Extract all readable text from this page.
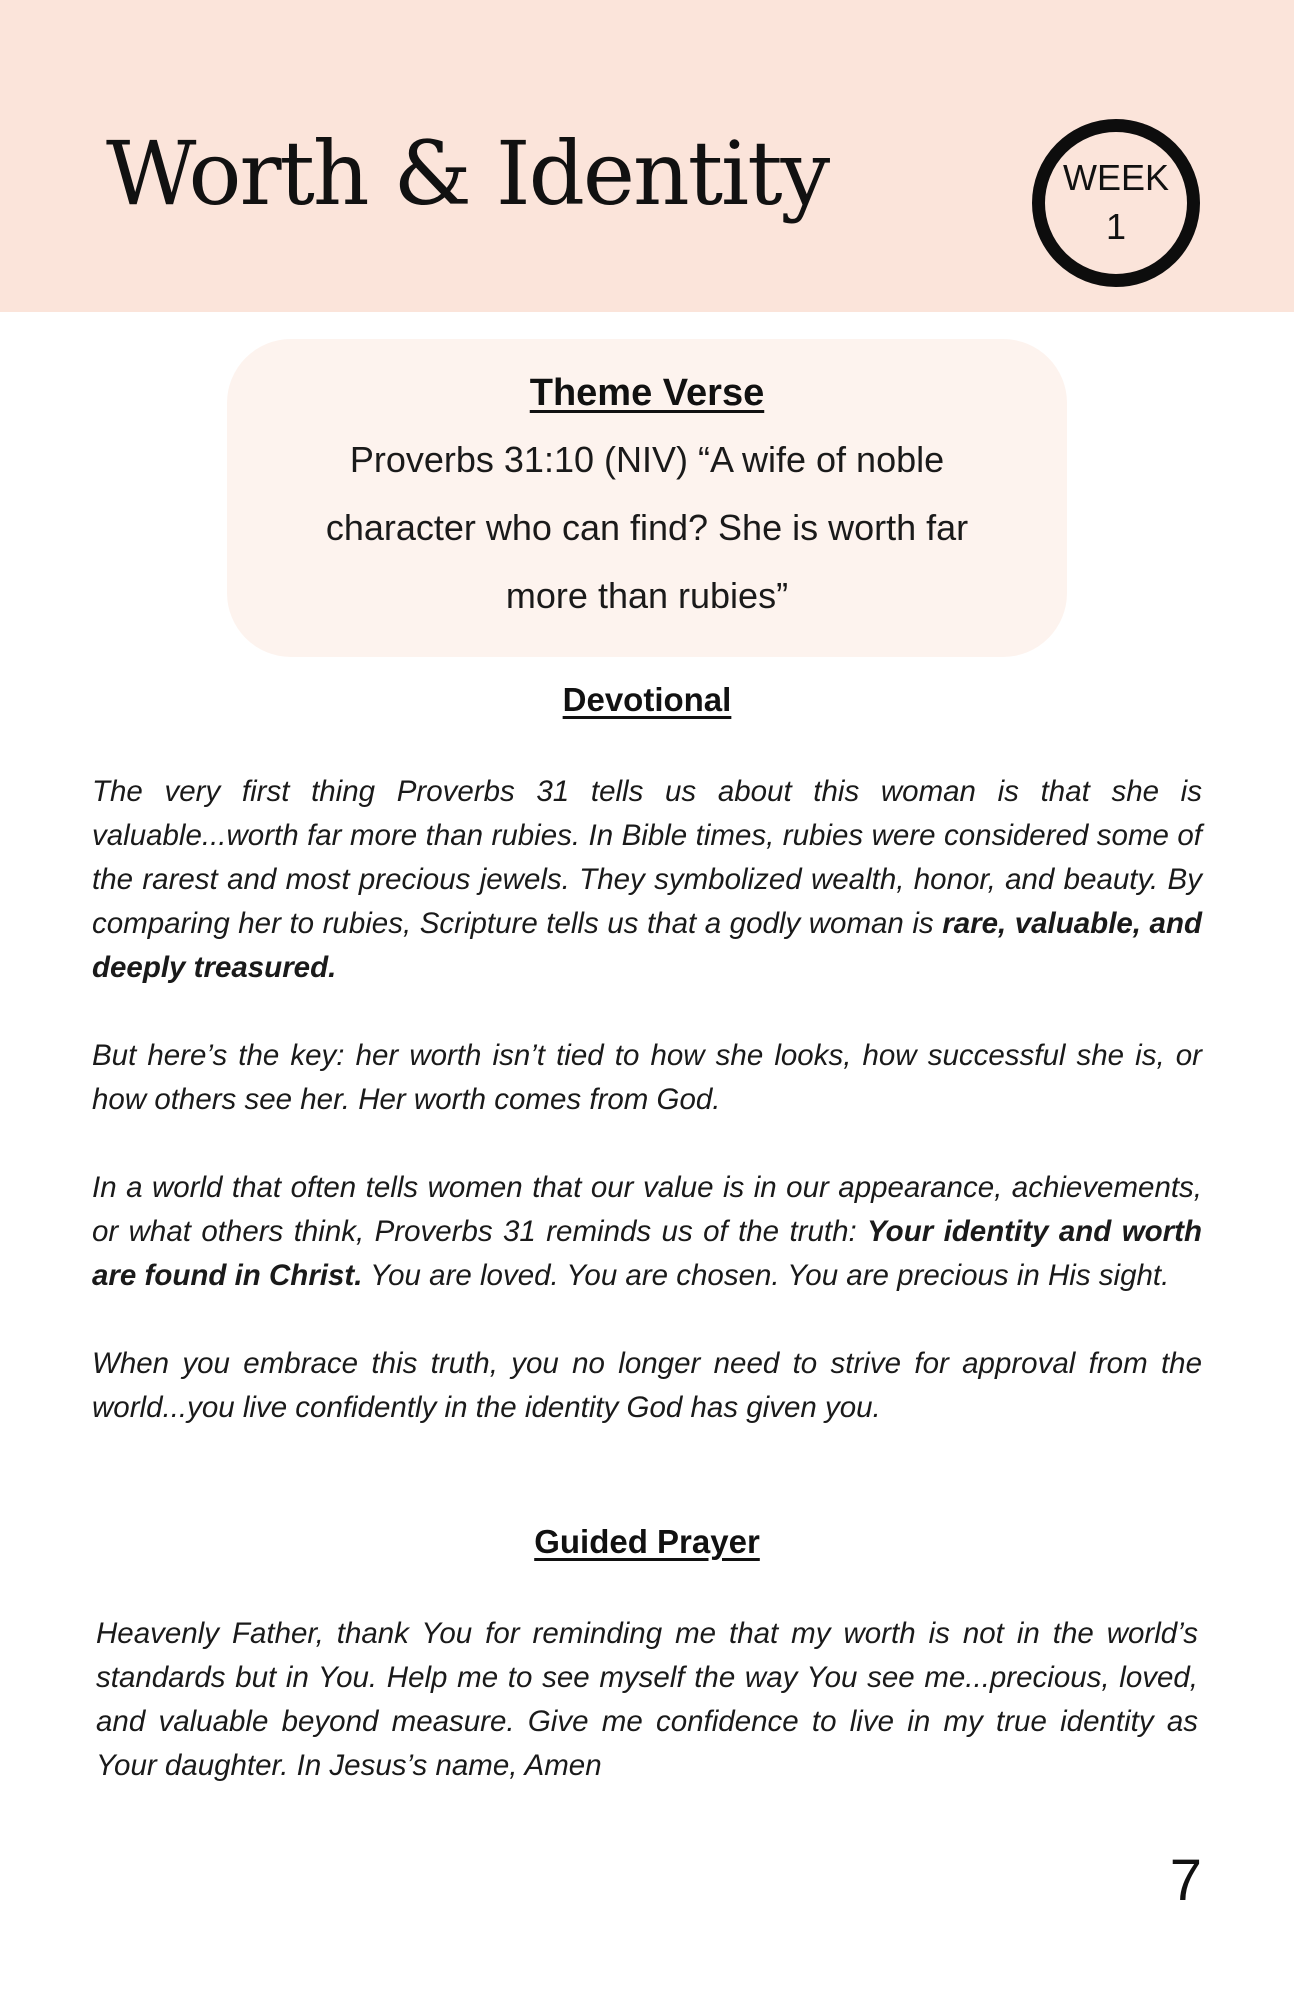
Worth & Identity	WEEK
1
Theme Verse

Proverbs 31:10 (NIV) “A wife of noble character who can find? She is worth far more than rubies”

Devotional

The very first thing Proverbs 31 tells us about this woman is that she is valuable...worth far more than rubies. In Bible times, rubies were considered some of the rarest and most precious jewels. They symbolized wealth, honor, and beauty. By comparing her to rubies, Scripture tells us that a godly woman is rare, valuable, and deeply treasured.

But here’s the key: her worth isn’t tied to how she looks, how successful she is, or how others see her. Her worth comes from God.

In a world that often tells women that our value is in our appearance, achievements, or what others think, Proverbs 31 reminds us of the truth: Your identity and worth are found in Christ. You are loved. You are chosen. You are precious in His sight.

When you embrace this truth, you no longer need to strive for approval from the world...you live confidently in the identity God has given you.

Guided Prayer

Heavenly Father, thank You for reminding me that my worth is not in the world’s standards but in You. Help me to see myself the way You see me...precious, loved, and valuable beyond measure. Give me confidence to live in my true identity as Your daughter. In Jesus’s name, Amen

7
